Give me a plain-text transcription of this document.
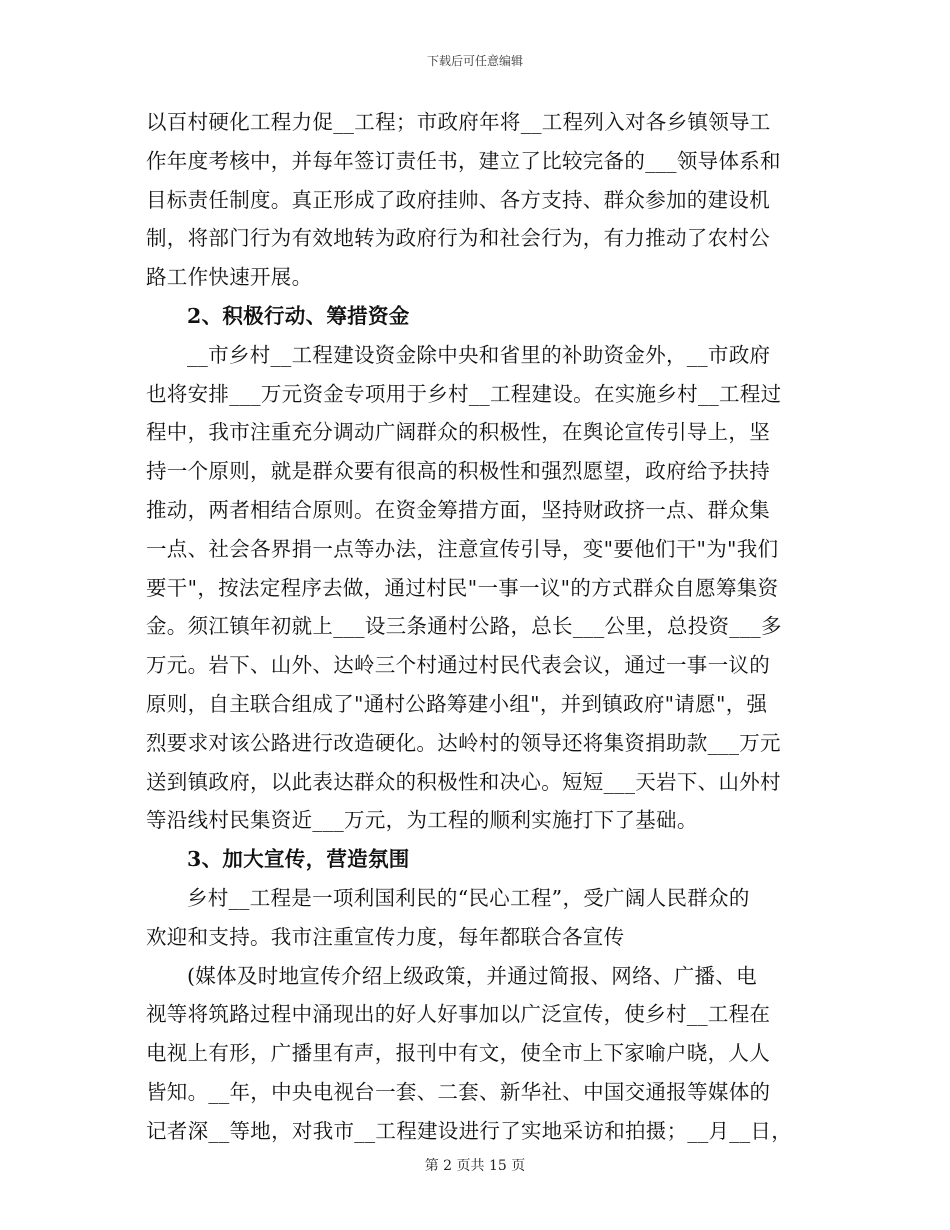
下载后可任意编辑
以百村硬化工程力促__工程；市政府年将__工程列入对各乡镇领导工
作年度考核中，并每年签订责任书，建立了比较完备的___领导体系和
目标责任制度。真正形成了政府挂帅、各方支持、群众参加的建设机
制，将部门行为有效地转为政府行为和社会行为，有力推动了农村公
路工作快速开展。
2、积极行动、筹措资金
__市乡村__工程建设资金除中央和省里的补助资金外，__市政府
也将安排___万元资金专项用于乡村__工程建设。在实施乡村__工程过
程中，我市注重充分调动广阔群众的积极性，在舆论宣传引导上，坚
持一个原则，就是群众要有很高的积极性和强烈愿望，政府给予扶持
推动，两者相结合原则。在资金筹措方面，坚持财政挤一点、群众集
一点、社会各界捐一点等办法，注意宣传引导，变"要他们干"为"我们
要干"，按法定程序去做，通过村民"一事一议"的方式群众自愿筹集资
金。须江镇年初就上___设三条通村公路，总长___公里，总投资___多
万元。岩下、山外、达岭三个村通过村民代表会议，通过一事一议的
原则，自主联合组成了"通村公路筹建小组"，并到镇政府"请愿"，强
烈要求对该公路进行改造硬化。达岭村的领导还将集资捐助款___万元
送到镇政府，以此表达群众的积极性和决心。短短___天岩下、山外村
等沿线村民集资近___万元，为工程的顺利实施打下了基础。
3、加大宣传，营造氛围
乡村__工程是一项利国利民的“民心工程”，受广阔人民群众的
欢迎和支持。我市注重宣传力度，每年都联合各宣传
(媒体及时地宣传介绍上级政策，并通过简报、网络、广播、电
视等将筑路过程中涌现出的好人好事加以广泛宣传，使乡村__工程在
电视上有形，广播里有声，报刊中有文，使全市上下家喻户晓，人人
皆知。__年，中央电视台一套、二套、新华社、中国交通报等媒体的
记者深__等地，对我市__工程建设进行了实地采访和拍摄；__月__日，
第 2 页共 15 页
